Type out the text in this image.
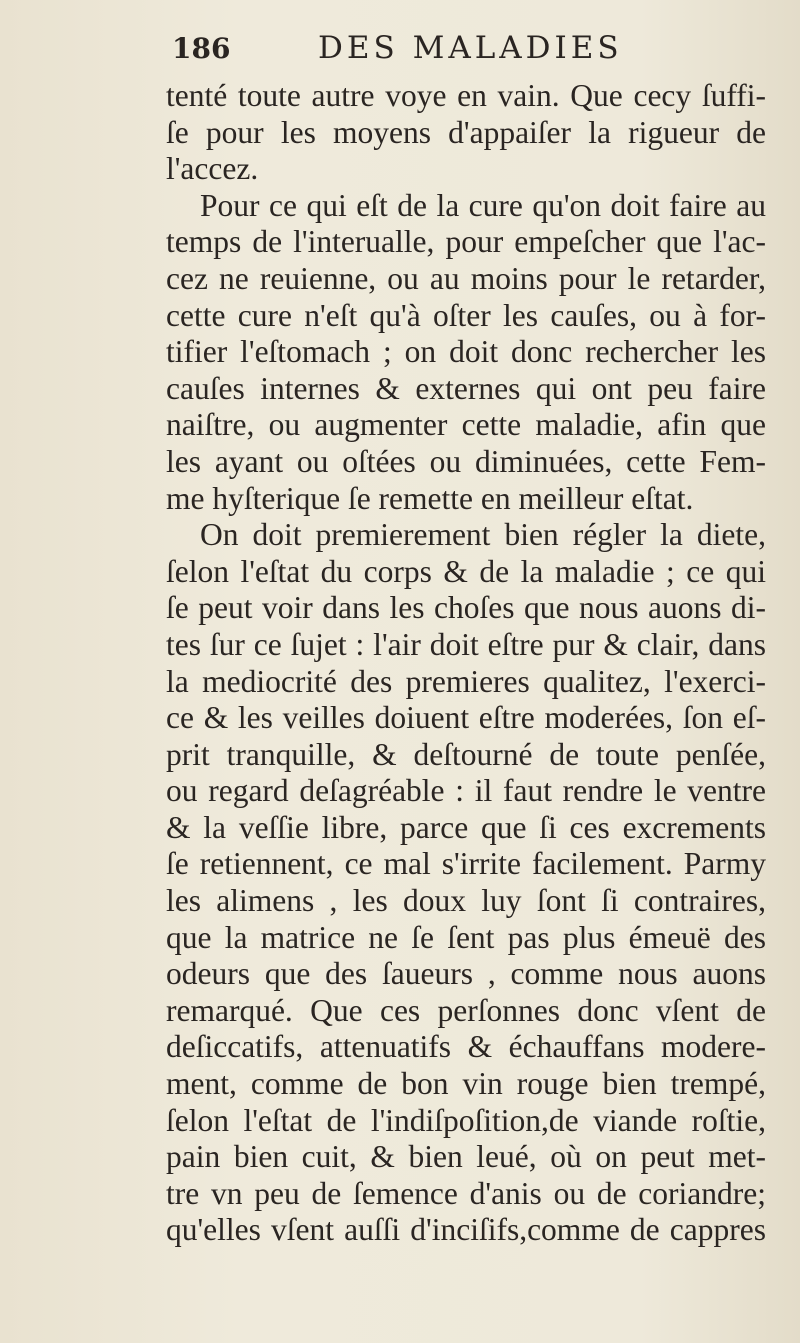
186	DES MALADIES
tenté toute autre voye en vain. Que cecy ſuffi-
ſe pour les moyens d'appaiſer la rigueur de
l'accez.
Pour ce qui eſt de la cure qu'on doit faire au
temps de l'interualle, pour empeſcher que l'ac-
cez ne reuienne, ou au moins pour le retarder,
cette cure n'eſt qu'à oſter les cauſes, ou à for-
tifier l'eſtomach ; on doit donc rechercher les
cauſes internes & externes qui ont peu faire
naiſtre, ou augmenter cette maladie, afin que
les ayant ou oſtées ou diminuées, cette Fem-
me hyſterique ſe remette en meilleur eſtat.
On doit premierement bien régler la diete,
ſelon l'eſtat du corps & de la maladie ; ce qui
ſe peut voir dans les choſes que nous auons di-
tes ſur ce ſujet : l'air doit eſtre pur & clair, dans
la mediocrité des premieres qualitez, l'exerci-
ce & les veilles doiuent eſtre moderées, ſon eſ-
prit tranquille, & deſtourné de toute penſée,
ou regard deſagréable : il faut rendre le ventre
& la veſſie libre, parce que ſi ces excrements
ſe retiennent, ce mal s'irrite facilement. Parmy
les alimens , les doux luy ſont ſi contraires,
que la matrice ne ſe ſent pas plus émeuë des
odeurs que des ſaueurs , comme nous auons
remarqué. Que ces perſonnes donc vſent de
deſiccatifs, attenuatifs & échauffans modere-
ment, comme de bon vin rouge bien trempé,
ſelon l'eſtat de l'indiſpoſition,de viande roſtie,
pain bien cuit, & bien leué, où on peut met-
tre vn peu de ſemence d'anis ou de coriandre;
qu'elles vſent auſſi d'inciſifs,comme de cappres
